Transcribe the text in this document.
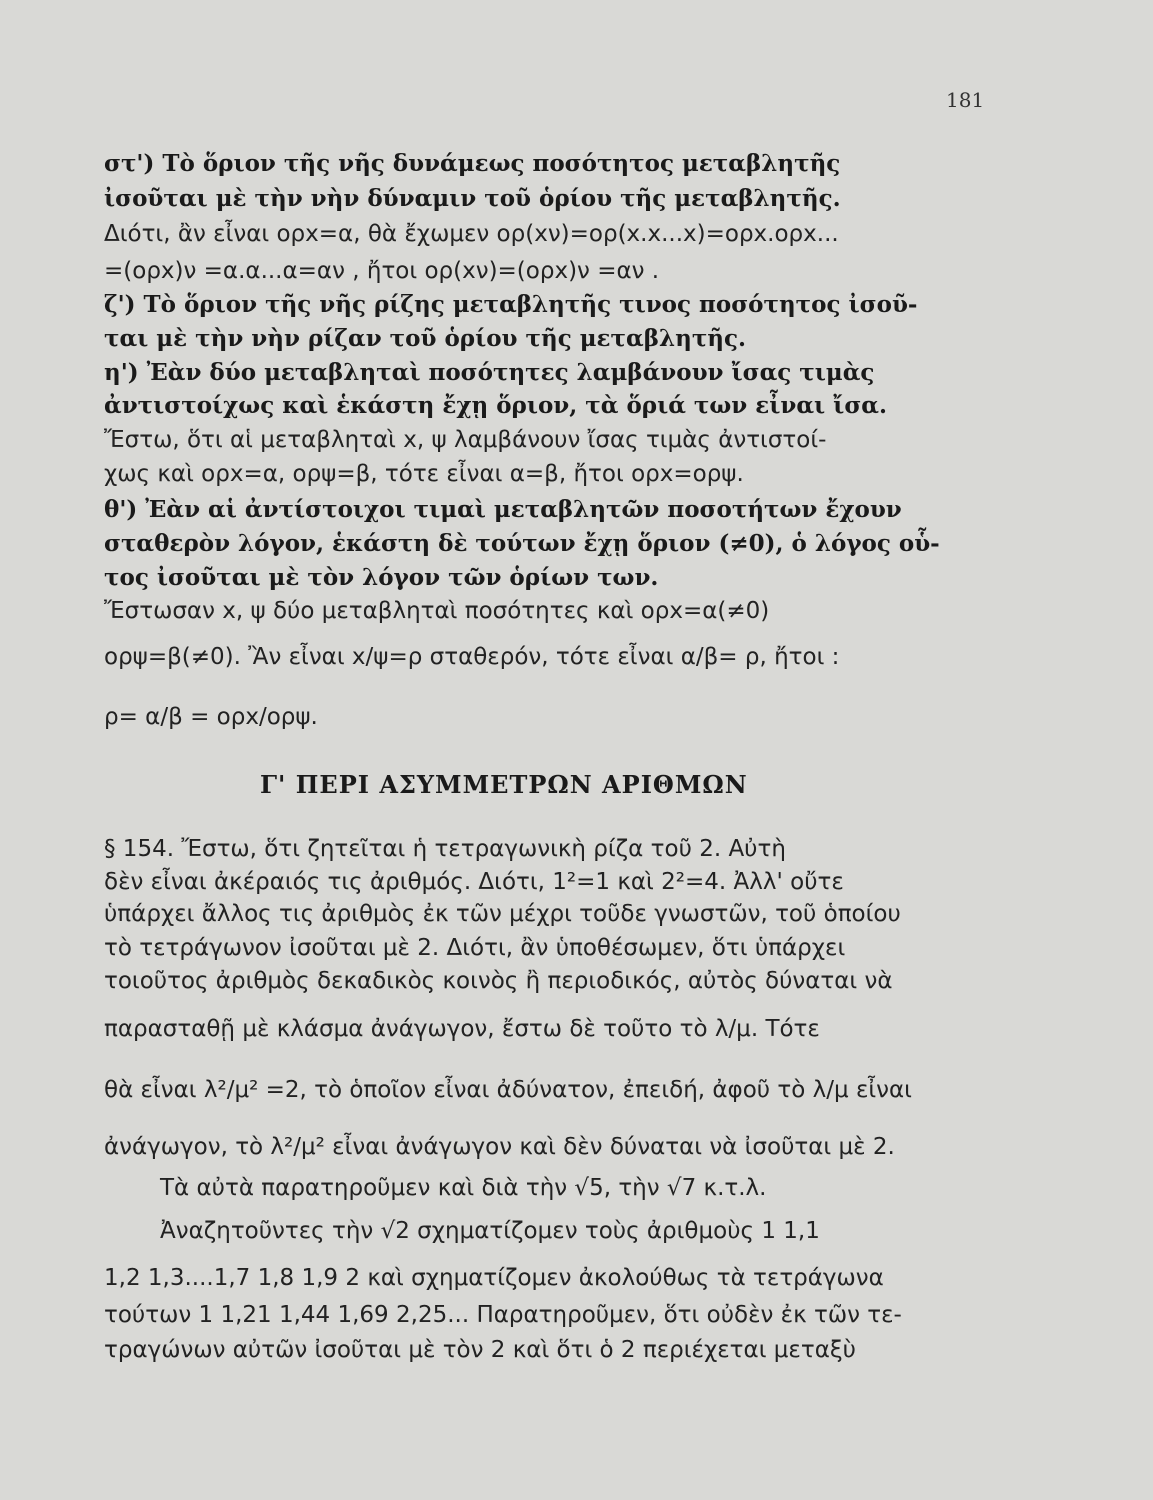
181
στ') Τὸ ὅριον τῆς νῆς δυνάμεως ποσότητος μεταβλητῆς
ἰσοῦται μὲ τὴν νὴν δύναμιν τοῦ ὁρίου τῆς μεταβλητῆς.
Διότι, ἂν εἶναι ορx=α, θὰ ἔχωμεν ορ(xν)=ορ(x.x...x)=ορx.ορx...
=(ορx)ν =α.α...α=αν , ἤτοι ορ(xν)=(ορx)ν =αν .
ζ') Τὸ ὅριον τῆς νῆς ρίζης μεταβλητῆς τινος ποσότητος ἰσοῦ-
ται μὲ τὴν νὴν ρίζαν τοῦ ὁρίου τῆς μεταβλητῆς.
η') Ἐὰν δύο μεταβληταὶ ποσότητες λαμβάνουν ἴσας τιμὰς
ἀντιστοίχως καὶ ἑκάστη ἔχῃ ὅριον, τὰ ὅριά των εἶναι ἴσα.
Ἔστω, ὅτι αἱ μεταβληταὶ x, ψ λαμβάνουν ἴσας τιμὰς ἀντιστοί-
χως καὶ ορx=α, ορψ=β, τότε εἶναι α=β, ἤτοι ορx=ορψ.
θ') Ἐὰν αἱ ἀντίστοιχοι τιμαὶ μεταβλητῶν ποσοτήτων ἔχουν
σταθερὸν λόγον, ἑκάστη δὲ τούτων ἔχῃ ὅριον (≠0), ὁ λόγος οὗ-
τος ἰσοῦται μὲ τὸν λόγον τῶν ὁρίων των.
Ἔστωσαν x, ψ δύο μεταβληταὶ ποσότητες καὶ ορx=α(≠0)
ορψ=β(≠0). Ἂν εἶναι x/ψ=ρ σταθερόν, τότε εἶναι α/β= ρ, ἤτοι :
ρ= α/β = ορx/ορψ.
Γ' ΠΕΡΙ ΑΣΥΜΜΕΤΡΩΝ ΑΡΙΘΜΩΝ
§ 154. Ἔστω, ὅτι ζητεῖται ἡ τετραγωνικὴ ρίζα τοῦ 2. Αὐτὴ
δὲν εἶναι ἀκέραιός τις ἀριθμός. Διότι, 1²=1 καὶ 2²=4. Ἀλλ' οὔτε
ὑπάρχει ἄλλος τις ἀριθμὸς ἐκ τῶν μέχρι τοῦδε γνωστῶν, τοῦ ὁποίου
τὸ τετράγωνον ἰσοῦται μὲ 2. Διότι, ἂν ὑποθέσωμεν, ὅτι ὑπάρχει
τοιοῦτος ἀριθμὸς δεκαδικὸς κοινὸς ἢ περιοδικός, αὐτὸς δύναται νὰ
παρασταθῇ μὲ κλάσμα ἀνάγωγον, ἔστω δὲ τοῦτο τὸ λ/μ. Τότε
θὰ εἶναι λ²/μ² =2, τὸ ὁποῖον εἶναι ἀδύνατον, ἐπειδή, ἀφοῦ τὸ λ/μ εἶναι
ἀνάγωγον, τὸ λ²/μ² εἶναι ἀνάγωγον καὶ δὲν δύναται νὰ ἰσοῦται μὲ 2.
Τὰ αὐτὰ παρατηροῦμεν καὶ διὰ τὴν √5, τὴν √7 κ.τ.λ.
Ἀναζητοῦντες τὴν √2 σχηματίζομεν τοὺς ἀριθμοὺς 1 1,1
1,2 1,3....1,7 1,8 1,9 2 καὶ σχηματίζομεν ἀκολούθως τὰ τετράγωνα
τούτων 1 1,21 1,44 1,69 2,25... Παρατηροῦμεν, ὅτι οὐδὲν ἐκ τῶν τε-
τραγώνων αὐτῶν ἰσοῦται μὲ τὸν 2 καὶ ὅτι ὁ 2 περιέχεται μεταξὺ
